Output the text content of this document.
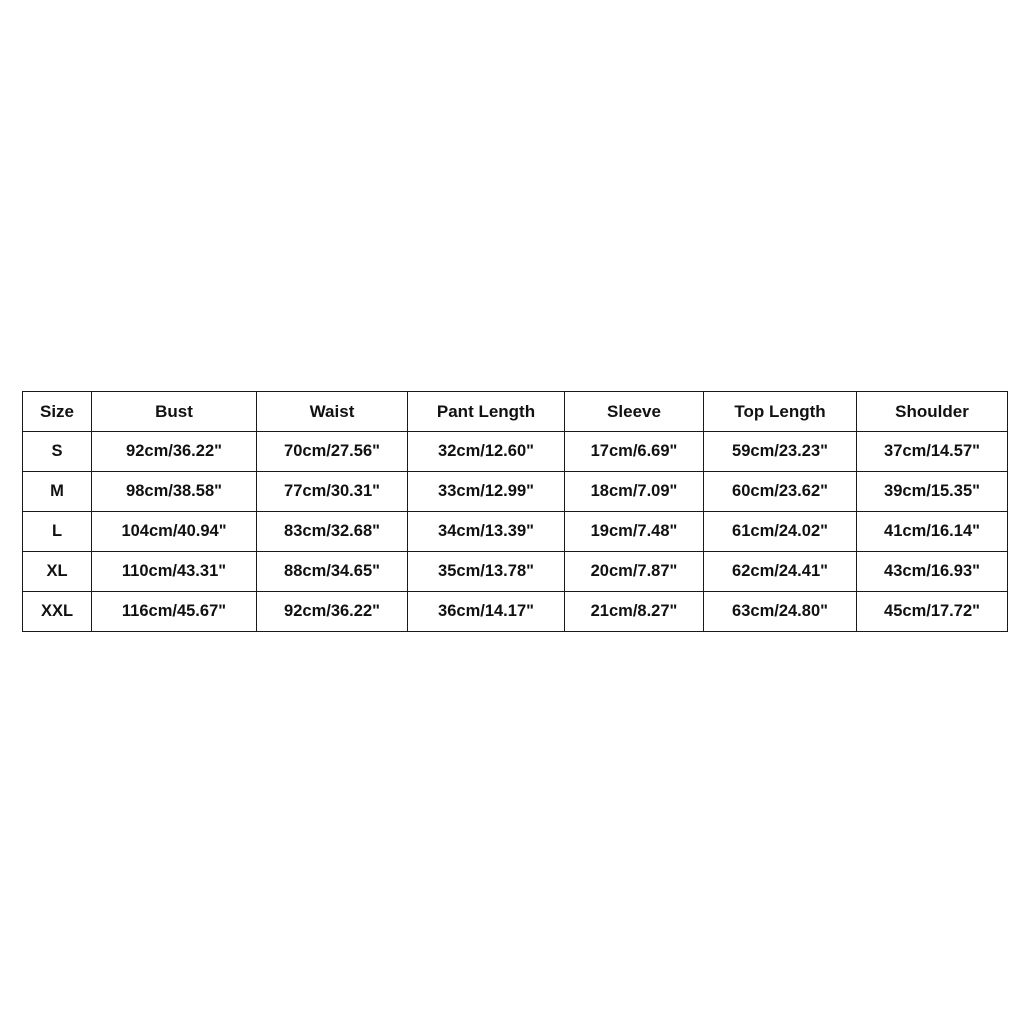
Size	Bust	Waist	Pant Length	Sleeve	Top Length	Shoulder
S	92cm/36.22"	70cm/27.56"	32cm/12.60"	17cm/6.69"	59cm/23.23"	37cm/14.57"
M	98cm/38.58"	77cm/30.31"	33cm/12.99"	18cm/7.09"	60cm/23.62"	39cm/15.35"
L	104cm/40.94"	83cm/32.68"	34cm/13.39"	19cm/7.48"	61cm/24.02"	41cm/16.14"
XL	110cm/43.31"	88cm/34.65"	35cm/13.78"	20cm/7.87"	62cm/24.41"	43cm/16.93"
XXL	116cm/45.67"	92cm/36.22"	36cm/14.17"	21cm/8.27"	63cm/24.80"	45cm/17.72"
